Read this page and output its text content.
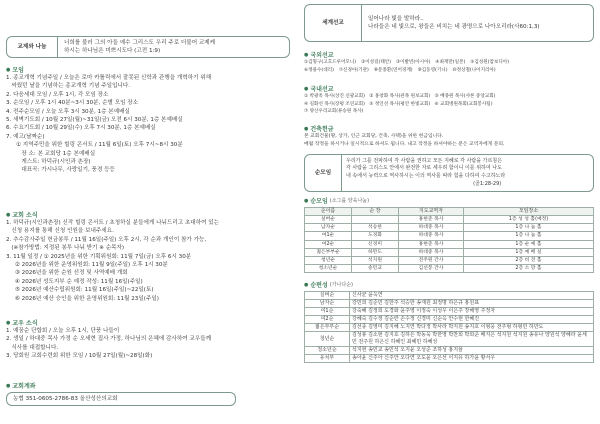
교제와 나눔
너희를 불러 그의 아들 예수 그리스도 우리 주로 더불어 교제케
하시는 하나님은 미쁘시도다 (고전 1:9)
● 모임
1. 종교개혁 기념주일 / 오늘은 로마 카톨릭에서 잘못된 신학과 관행을 개혁하기 위해
싸웠던 날을 기념하는 종교개혁 기념 주일입니다.
2. 다음세대 모임 / 오후 1시, 각 모임 장소
3. 순모임 / 오후 1시 40분~3시 30분, 순별 모임 장소
4. 전주순모임 / 오늘 오후 3시 30분, 1층 본예배실
5. 새벽기도회 / 10월 27일(월)~31일(금) 오전 6시 30분, 1층 본예배실
6. 수요기도회 / 10월 29일(수) 오후 7시 30분, 1층 본예배실
7. 예고(날짜순)
① 지역주민을 위한 힐링 콘서트 / 11월 6일(토) 오후 7시~8시 30분
장 소: 본 교회당 1층 본예배실
게스트: 하덕규(시인과 촌장)
대표곡: 가시나무, 사랑일기, 풍경 등등
● 교회 소식
1. 하덕규(시인과촌장) 신작 힐링 콘서트 / 초청하실 분들에게 나눠드리고 초대하여 있는
신청 용지를 통해 신청 인원을 보내주세요.
2. 추수감사주일 헌금봉투 / 11월 16일(주일) 오후 2시, 각 순과 개인이 참가 가능,
(※참가방법: 지정된 봉투 나눠 받기 ※ 순목자)
3. 11월 일정 / ① 2025년을 위한 기획위원회: 11월 7일(금) 오후 6시 30분
② 2026년을 위한 운영위원회: 11월 9일(주일) 오후 1시 30분
③ 2026년을 위한 순원 선정 및 사역예배 개회
④ 2026년 성도지부 순 예정 작성: 11월 16일(주일)
⑤ 2026년 예산수립위원회: 11월 16일(주일)~22일(토)
⑥ 2026년 예산 승인을 위한 운영위원회: 11월 23일(주일)
● 교우 소식
1. 예꿈순 단합회 / 오늘 오후 1시, 단풍 나들이
2. 생일 / 하대중 목사 가정 순 오세현 집사 가정, 하나님의 은혜에 감사하여 교우들께
식사를 대접합니다.
3. 당회원 교회수련회 위한 모임 / 10월 27일(월)~28일(화)
● 교회계좌
농협 351-0605-2786-83 올산성산의교회
세계선교
일어나라 빛을 발하라..
나라들은 네 빛으로, 왕들은 비치는 네 광명으로 나아오리라(사60:1,3)
● 국외선교
①김형구(고흐드루어모니) ②이성길(태안) ③이발빈(아시아) ④최재만(일본) ⑤김성원(캄보디아)
⑥정용수(대리) ⑦신경아(기관) ⑧문종환(연어경계) ⑨김동영(기니) ⑩정상철(나이지리아)
● 국내선교
① 박광옥 목사(상진 신광교회)   ② 홍창화 목사(관목 원보교회)   ③ 배종원 목사(샤론 중앙교회)
④ 길화선 목사(장평 조연교회)   ⑤ 정인선 목사(평안 한빛교회)   ⑥ 교회병원목회(교회봉사팀)
⑦ 양산우리교회(류승원 목사)
● 건축헌금
본 교회건물(땅, 상가, 인근 교회당, 건축, 사택)을 위한 헌금입니다.
매월 작정을 하시거나 일시적으로 하셔도 됩니다. 내고 작정을 하셔야하는 분은 교역자에게 문의.
순모임
우리가 그를 전파하여 각 사람을 권하고 모든 지혜로 각 사람을 가르침은
각 사람을 그리스도 안에서 완전한 자로 세우려 함이니 이를 위하여 나도
내 속에서 능력으로 역사하시는 이의 역사를 따라 힘을 다하여 수고하노라
(골1:28-29)
● 순모임 (소그룹 양육나눔)
순이름	순 장	지도교역자	모임장소
실버순		홍현준 목사	1층 성 성 홀(예정)
남자순	석승한	하대중 목사	1층 나 눔 홀
여1순	도경화	하대중 목사	1층 나 눔 홀
여2순	신경미	홍현준 목사	1층 순 예 홀
젊은부부순	하만도	하대중 목사	1층 예 배 실
청년순	석지원	전주원 간사	2층 비 전 홀
청소년순	송민교	김선봉 간사	2층 소 망 홀
● 순편성 (가나다순)
실버순	신사균 윤옥연
남자순	강민희 김준민 김한주 석승한 송재원 최정명 하은규 홍원표
여1순	강숙혜 김정희 도경화 윤주영 이정숙 이성우 이은주 장해영 주정자
여2순	강혜숙 김수정 김순란 손수정 신경미 신순옥 안수현 한혜진
젊은부부순	김선종 김영미 김지혜 노지연 박다정 박사라 박지원 송지호 이형웅 전주형 하형민 하만도
청년순	김성봉 김소현 김지호 김하은 박동욱 박한영 박찬희 박희준 배지은 석지원 석지원 송유나 양원석 양혜라 윤세민 전주원 하은신 하혜인 최혜민 하혜성
청소년순	석지현 송민교 송민석 오지윤 오성준 조하성 홍지율
유치부	송아윤 신주아 신주안 오다연 오도윤 오은선 이지유 하가윤 황서우
